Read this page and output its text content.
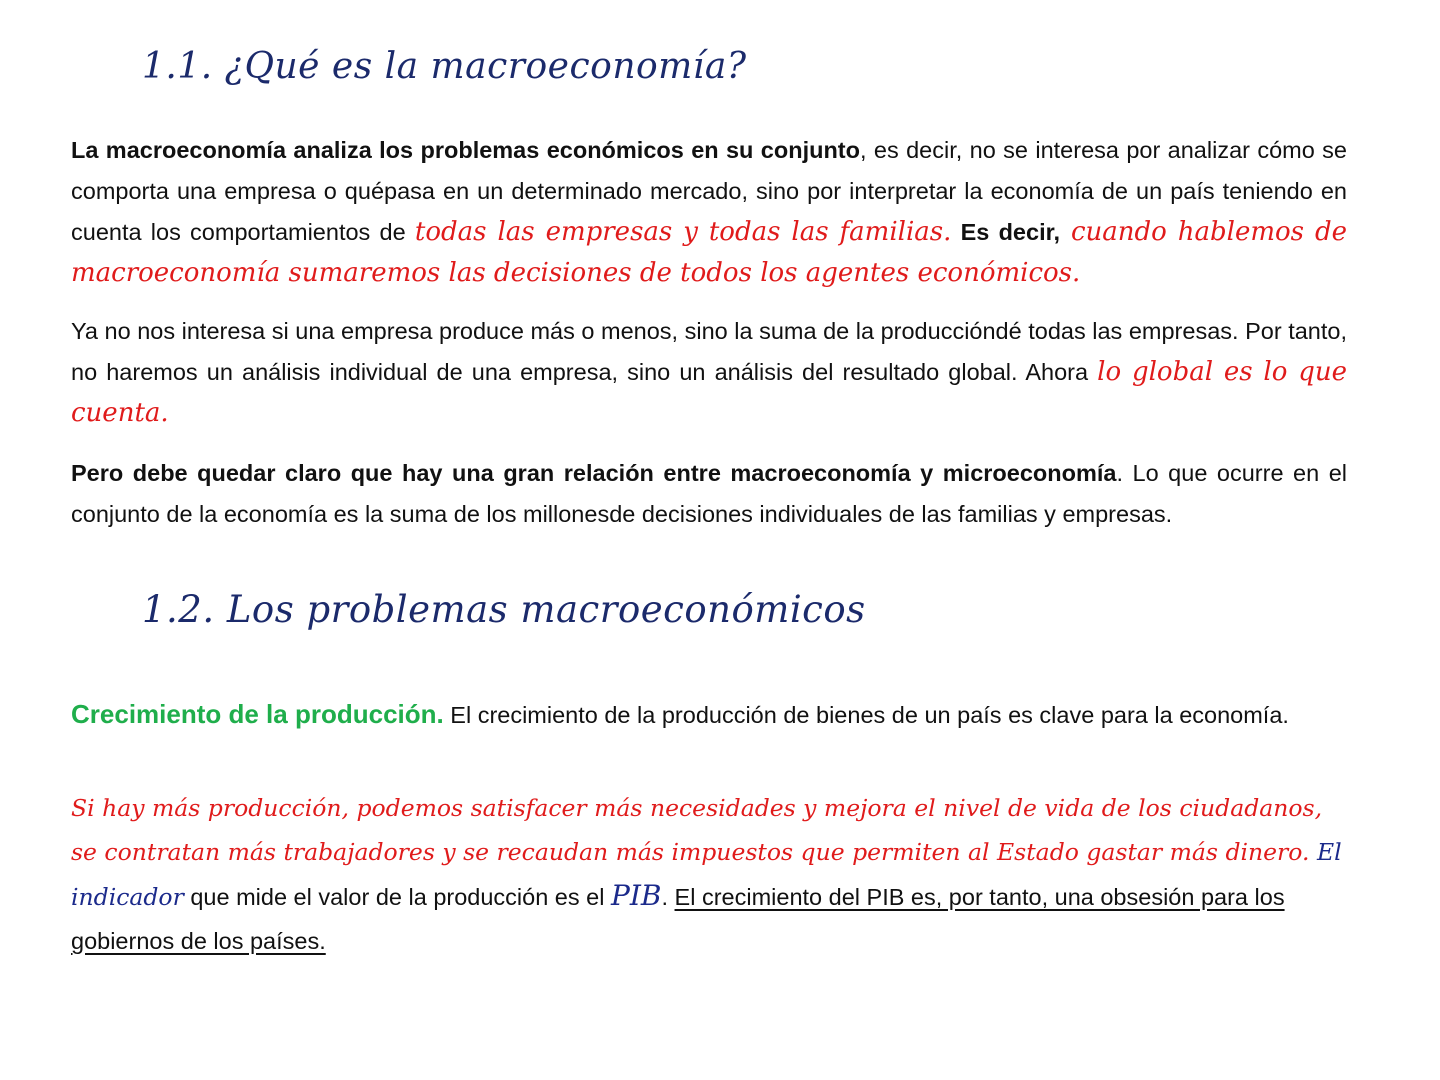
1.1. ¿Qué es la macroeconomía?

La macroeconomía analiza los problemas económicos en su conjunto, es decir, no se interesa por analizar cómo se comporta una empresa o quépasa en un determinado mercado, sino por interpretar la economía de un país teniendo en cuenta los comportamientos de todas las empresas y todas las familias. Es decir, cuando hablemos de macroeconomía sumaremos las decisiones de todos los agentes económicos.

Ya no nos interesa si una empresa produce más o menos, sino la suma de la produccióndé todas las empresas. Por tanto, no haremos un análisis individual de una empresa, sino un análisis del resultado global. Ahora lo global es lo que cuenta.

Pero debe quedar claro que hay una gran relación entre macroeconomía y microeconomía. Lo que ocurre en el conjunto de la economía es la suma de los millonesde decisiones individuales de las familias y empresas.

1.2. Los problemas macroeconómicos

Crecimiento de la producción. El crecimiento de la producción de bienes de un país es clave para la economía.

Si hay más producción, podemos satisfacer más necesidades y mejora el nivel de vida de los ciudadanos, se contratan más trabajadores y se recaudan más impuestos que permiten al Estado gastar más dinero. El indicador que mide el valor de la producción es el PIB. El crecimiento del PIB es, por tanto, una obsesión para los gobiernos de los países.
